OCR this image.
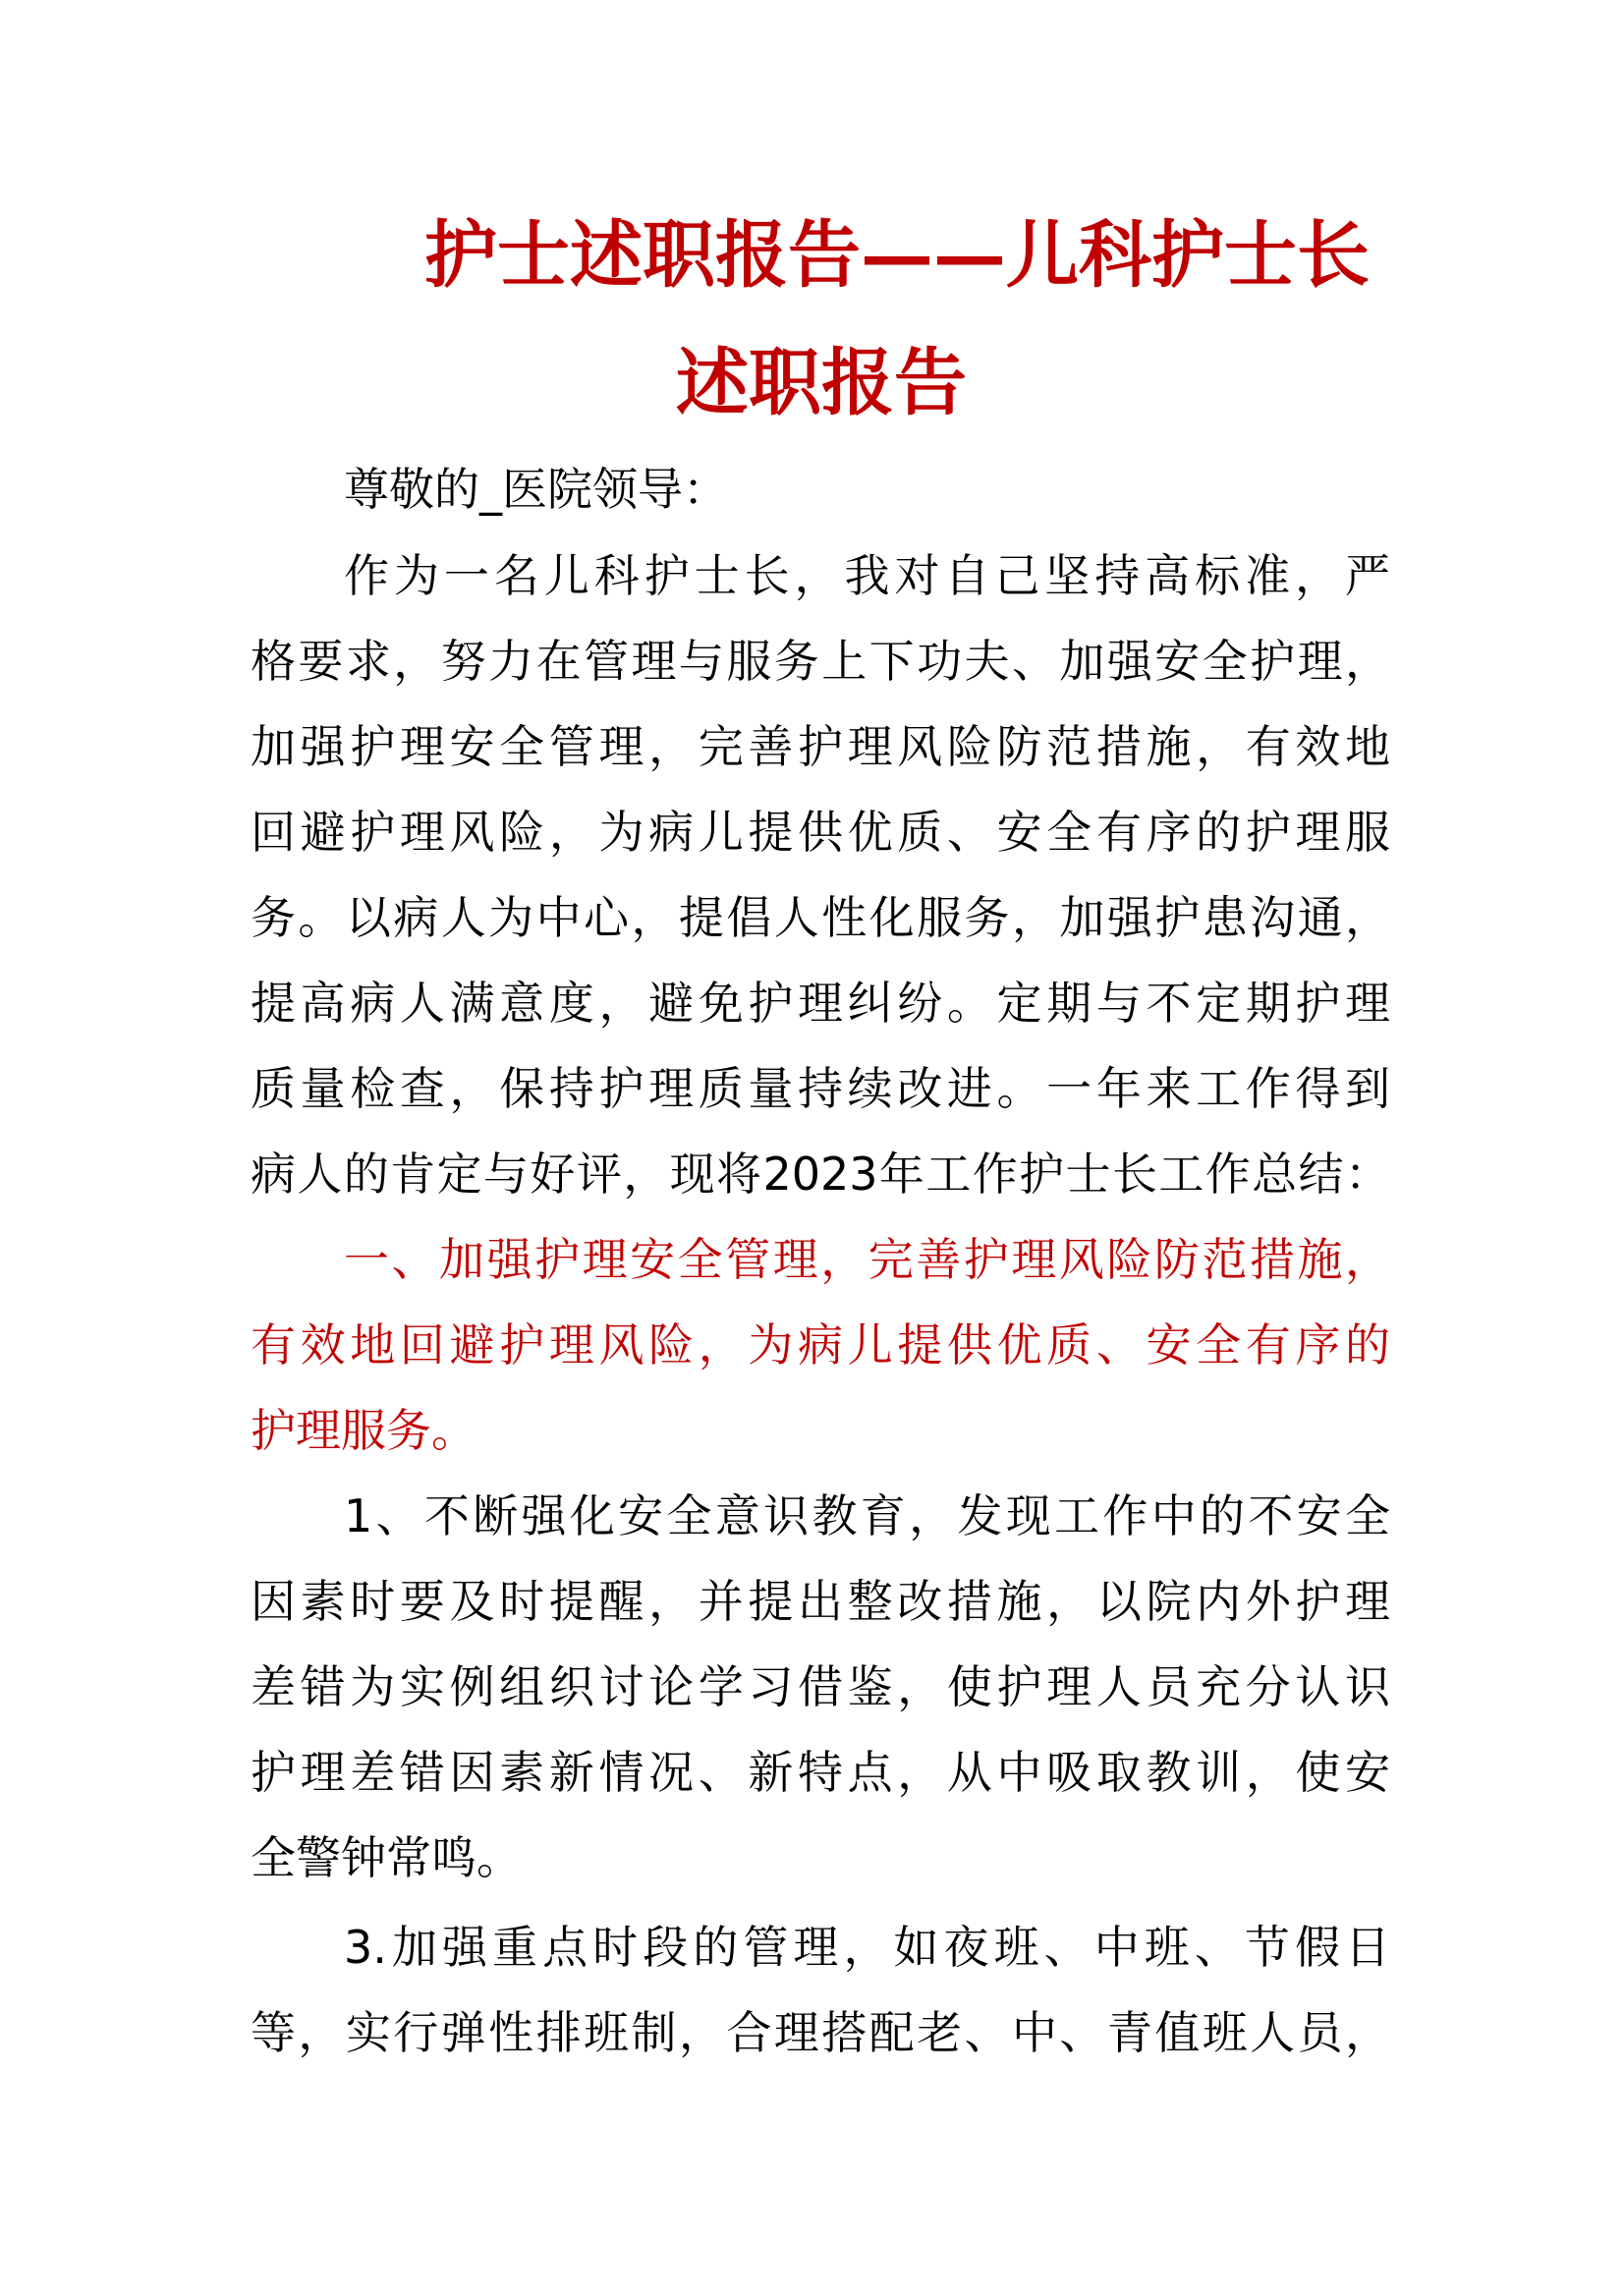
护士述职报告——儿科护士长
述职报告
尊敬的_医院领导：
作为一名儿科护士长，我对自己坚持高标准，严
格要求，努力在管理与服务上下功夫、加强安全护理，
加强护理安全管理，完善护理风险防范措施，有效地
回避护理风险，为病儿提供优质、安全有序的护理服
务。以病人为中心，提倡人性化服务，加强护患沟通，
提高病人满意度，避免护理纠纷。定期与不定期护理
质量检查，保持护理质量持续改进。一年来工作得到
病人的肯定与好评，现将2023年工作护士长工作总结：
一、加强护理安全管理，完善护理风险防范措施，
有效地回避护理风险，为病儿提供优质、安全有序的
护理服务。
1、不断强化安全意识教育，发现工作中的不安全
因素时要及时提醒，并提出整改措施，以院内外护理
差错为实例组织讨论学习借鉴，使护理人员充分认识
护理差错因素新情况、新特点，从中吸取教训，使安
全警钟常鸣。
3.加强重点时段的管理，如夜班、中班、节假日
等，实行弹性排班制，合理搭配老、中、青值班人员，
